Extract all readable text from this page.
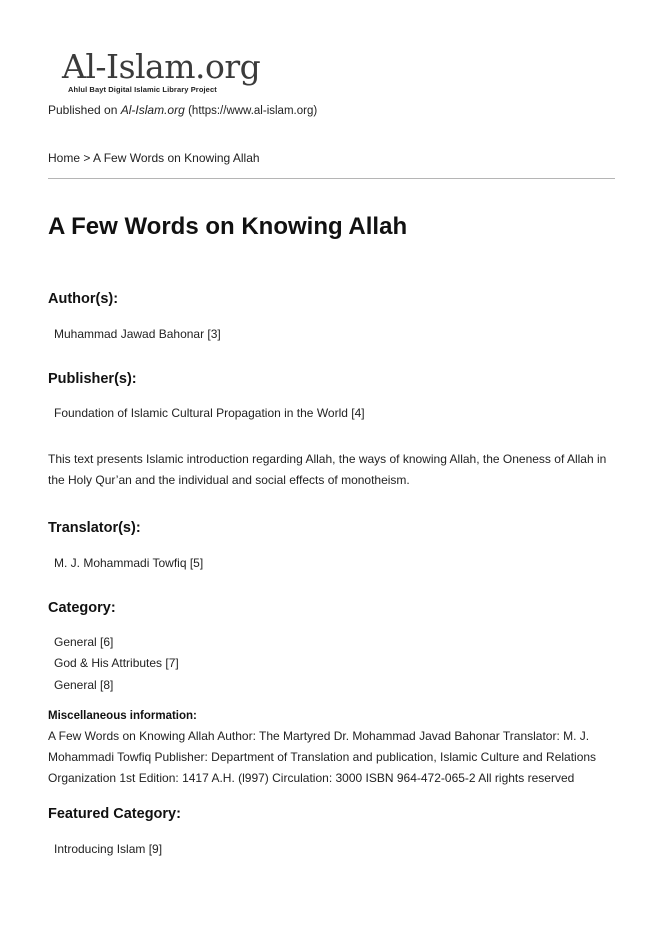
Al-Islam.org
Ahlul Bayt Digital Islamic Library Project
Published on Al-Islam.org (https://www.al-islam.org)
Home > A Few Words on Knowing Allah
A Few Words on Knowing Allah
Author(s):
Muhammad Jawad Bahonar [3]
Publisher(s):
Foundation of Islamic Cultural Propagation in the World [4]
This text presents Islamic introduction regarding Allah, the ways of knowing Allah, the Oneness of Allah in the Holy Qur’an and the individual and social effects of monotheism.
Translator(s):
M. J. Mohammadi Towfiq [5]
Category:
General [6]
God & His Attributes [7]
General [8]
Miscellaneous information:
A Few Words on Knowing Allah Author: The Martyred Dr. Mohammad Javad Bahonar Translator: M. J. Mohammadi Towfiq Publisher: Department of Translation and publication, Islamic Culture and Relations Organization 1st Edition: 1417 A.H. (l997) Circulation: 3000 ISBN 964-472-065-2 All rights reserved
Featured Category:
Introducing Islam [9]
